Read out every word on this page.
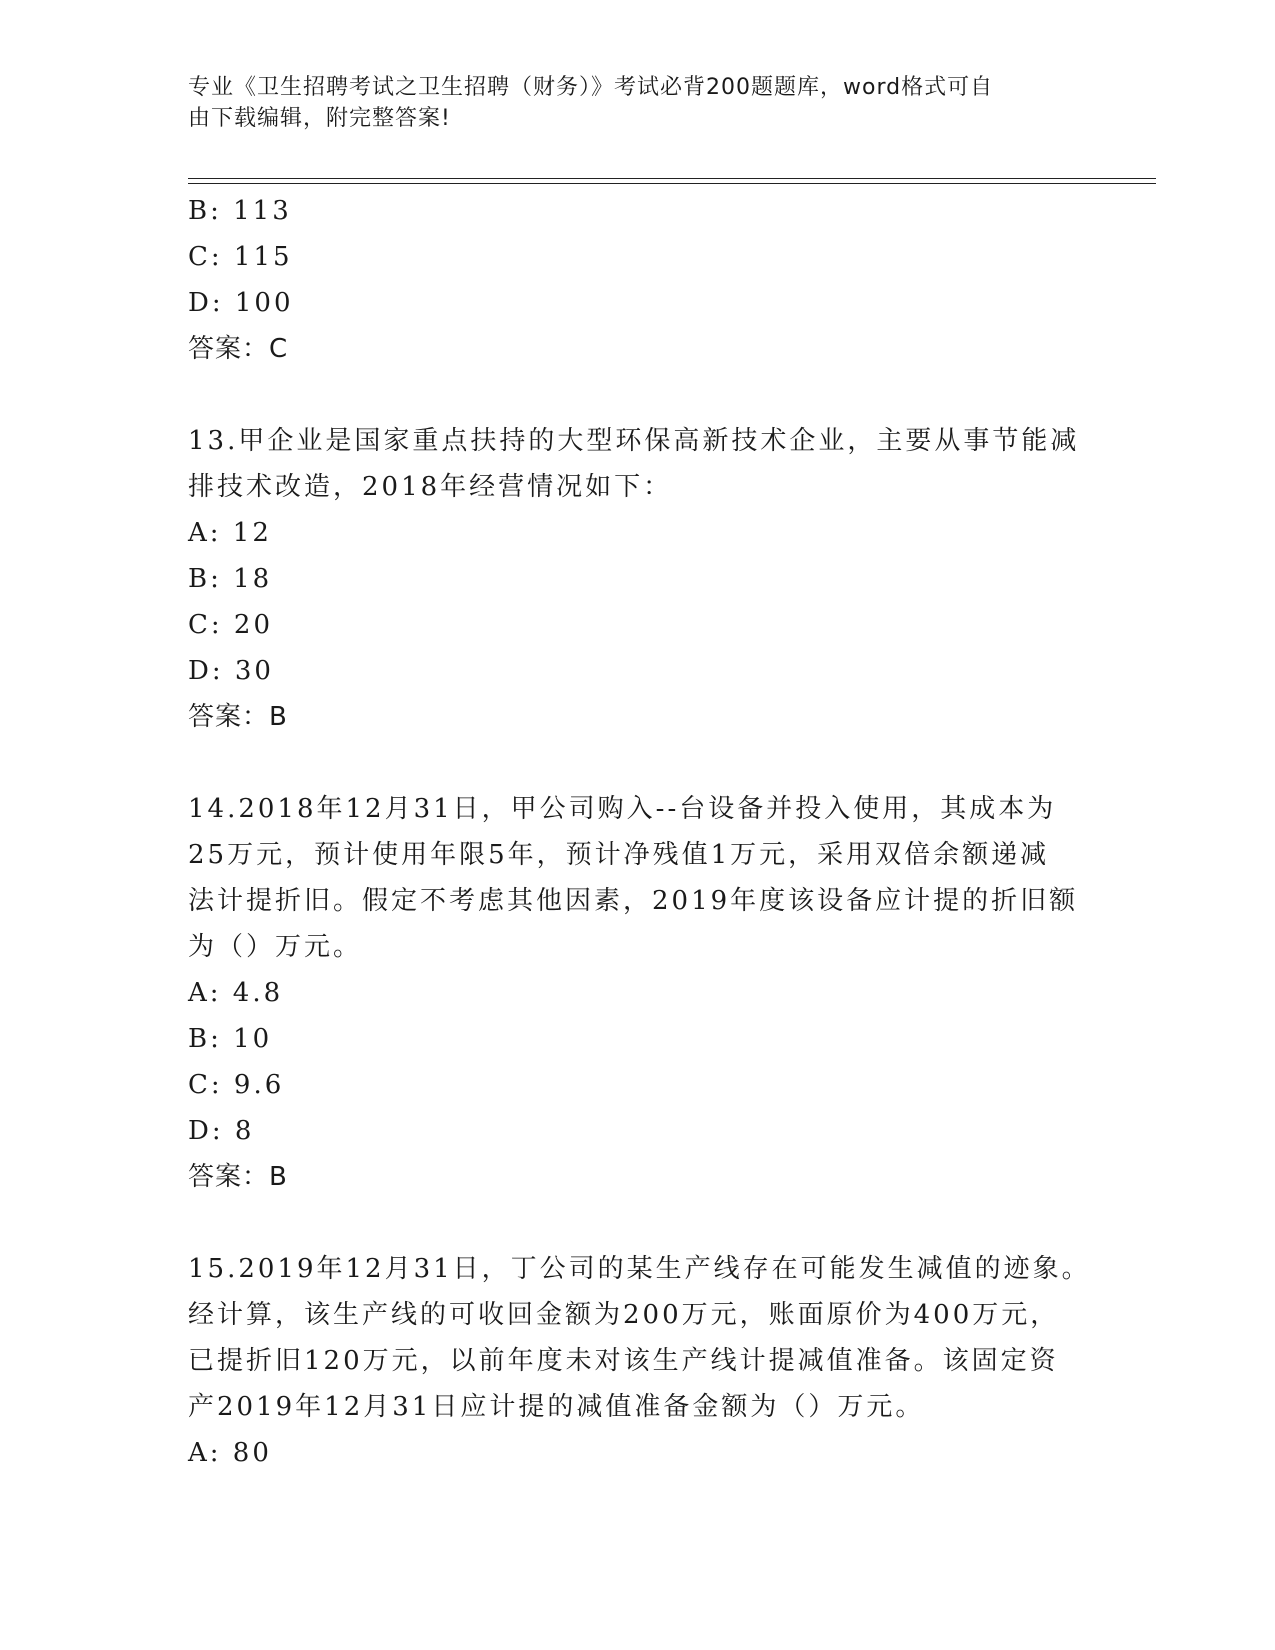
专业《卫生招聘考试之卫生招聘（财务）》考试必背200题题库，word格式可自
由下载编辑，附完整答案!
B: 113
C: 115
D: 100
答案：C
13.甲企业是国家重点扶持的大型环保高新技术企业，主要从事节能减
排技术改造，2018年经营情况如下：
A: 12
B: 18
C: 20
D: 30
答案：B
14.2018年12月31日，甲公司购入--台设备并投入使用，其成本为
25万元，预计使用年限5年，预计净残值1万元，采用双倍余额递减
法计提折旧。假定不考虑其他因素，2019年度该设备应计提的折旧额
为（）万元。
A: 4.8
B: 10
C: 9.6
D: 8
答案：B
15.2019年12月31日，丁公司的某生产线存在可能发生减值的迹象。
经计算，该生产线的可收回金额为200万元，账面原价为400万元，
已提折旧120万元，以前年度未对该生产线计提减值准备。该固定资
产2019年12月31日应计提的减值准备金额为（）万元。
A: 80
